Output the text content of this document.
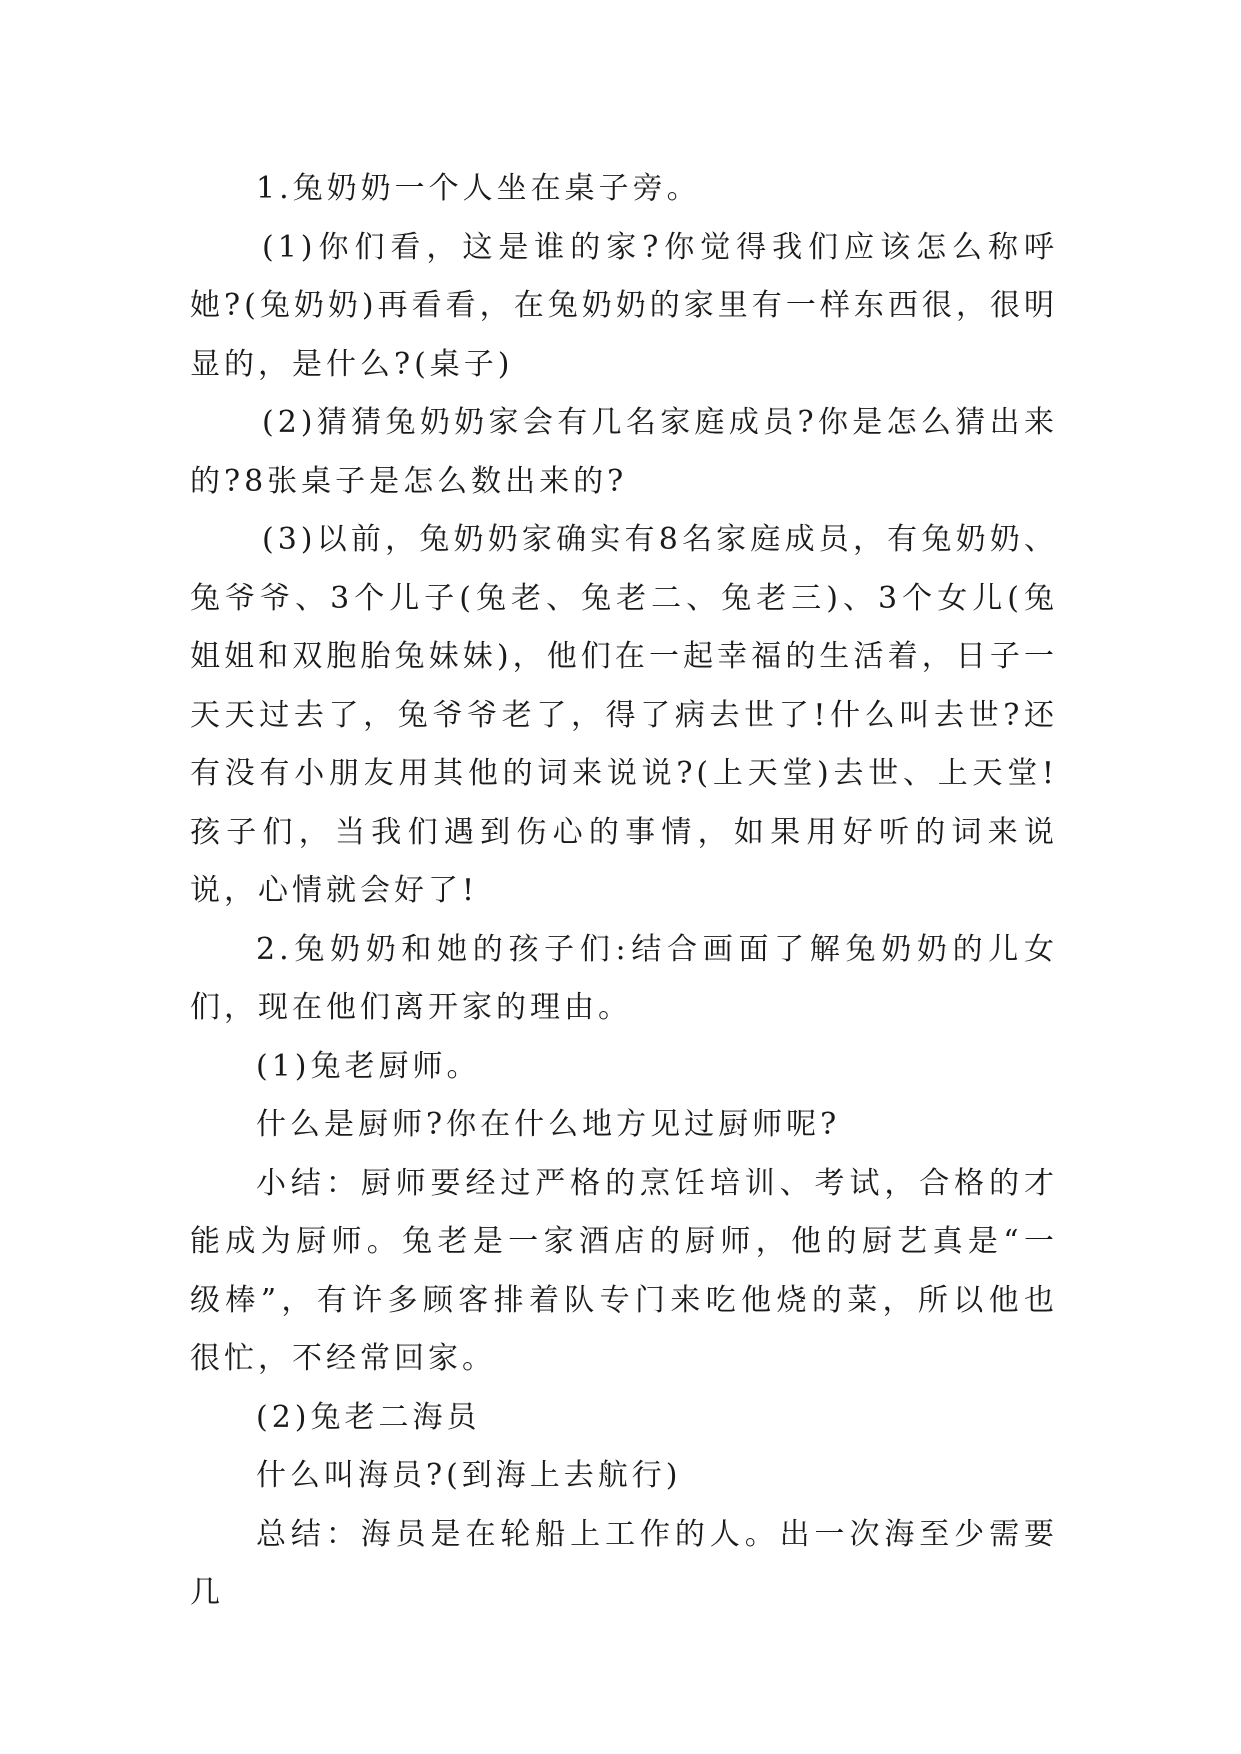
1.兔奶奶一个人坐在桌子旁。

(1)你们看，这是谁的家?你觉得我们应该怎么称呼她?(兔奶奶)再看看，在兔奶奶的家里有一样东西很，很明显的，是什么?(桌子)

(2)猜猜兔奶奶家会有几名家庭成员?你是怎么猜出来的?8张桌子是怎么数出来的?

(3)以前，兔奶奶家确实有8名家庭成员，有兔奶奶、兔爷爷、3个儿子(兔老、兔老二、兔老三)、3个女儿(兔姐姐和双胞胎兔妹妹)，他们在一起幸福的生活着，日子一天天过去了，兔爷爷老了，得了病去世了!什么叫去世?还有没有小朋友用其他的词来说说?(上天堂)去世、上天堂!孩子们，当我们遇到伤心的事情，如果用好听的词来说说，心情就会好了!

2.兔奶奶和她的孩子们:结合画面了解兔奶奶的儿女们，现在他们离开家的理由。

(1)兔老厨师。

什么是厨师?你在什么地方见过厨师呢?

小结：厨师要经过严格的烹饪培训、考试，合格的才能成为厨师。兔老是一家酒店的厨师，他的厨艺真是“一级棒”，有许多顾客排着队专门来吃他烧的菜，所以他也很忙，不经常回家。

(2)兔老二海员

什么叫海员?(到海上去航行)

总结：海员是在轮船上工作的人。出一次海至少需要几
